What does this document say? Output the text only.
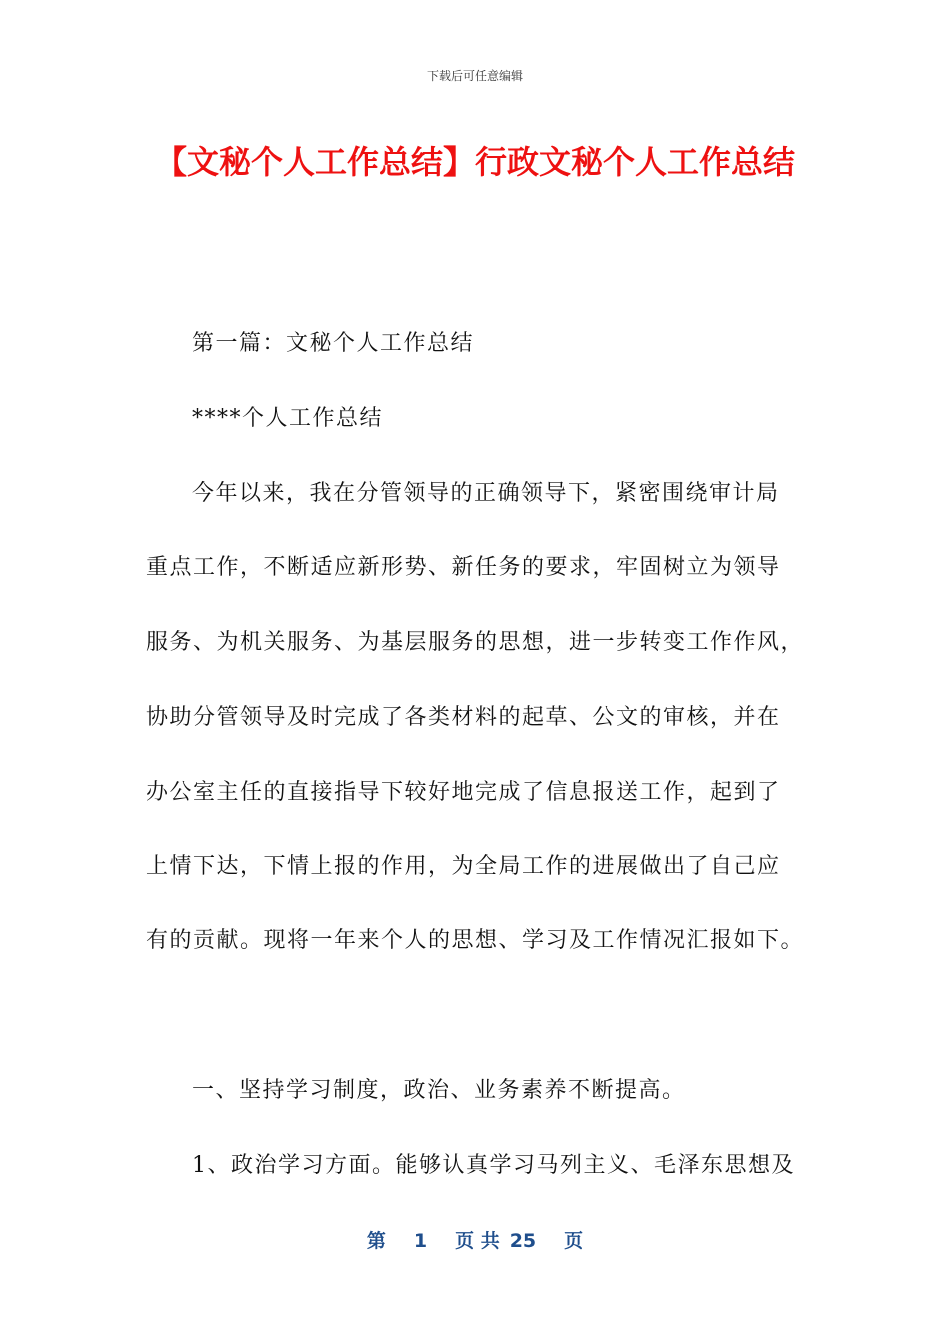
下载后可任意编辑
【文秘个人工作总结】行政文秘个人工作总结

第一篇：文秘个人工作总结

****个人工作总结

今年以来，我在分管领导的正确领导下，紧密围绕审计局

重点工作，不断适应新形势、新任务的要求，牢固树立为领导

服务、为机关服务、为基层服务的思想，进一步转变工作作风，

协助分管领导及时完成了各类材料的起草、公文的审核，并在

办公室主任的直接指导下较好地完成了信息报送工作，起到了

上情下达，下情上报的作用，为全局工作的进展做出了自己应

有的贡献。现将一年来个人的思想、学习及工作情况汇报如下。

一、坚持学习制度，政治、业务素养不断提高。

1、政治学习方面。能够认真学习马列主义、毛泽东思想及

第 1 页 共 25 页
